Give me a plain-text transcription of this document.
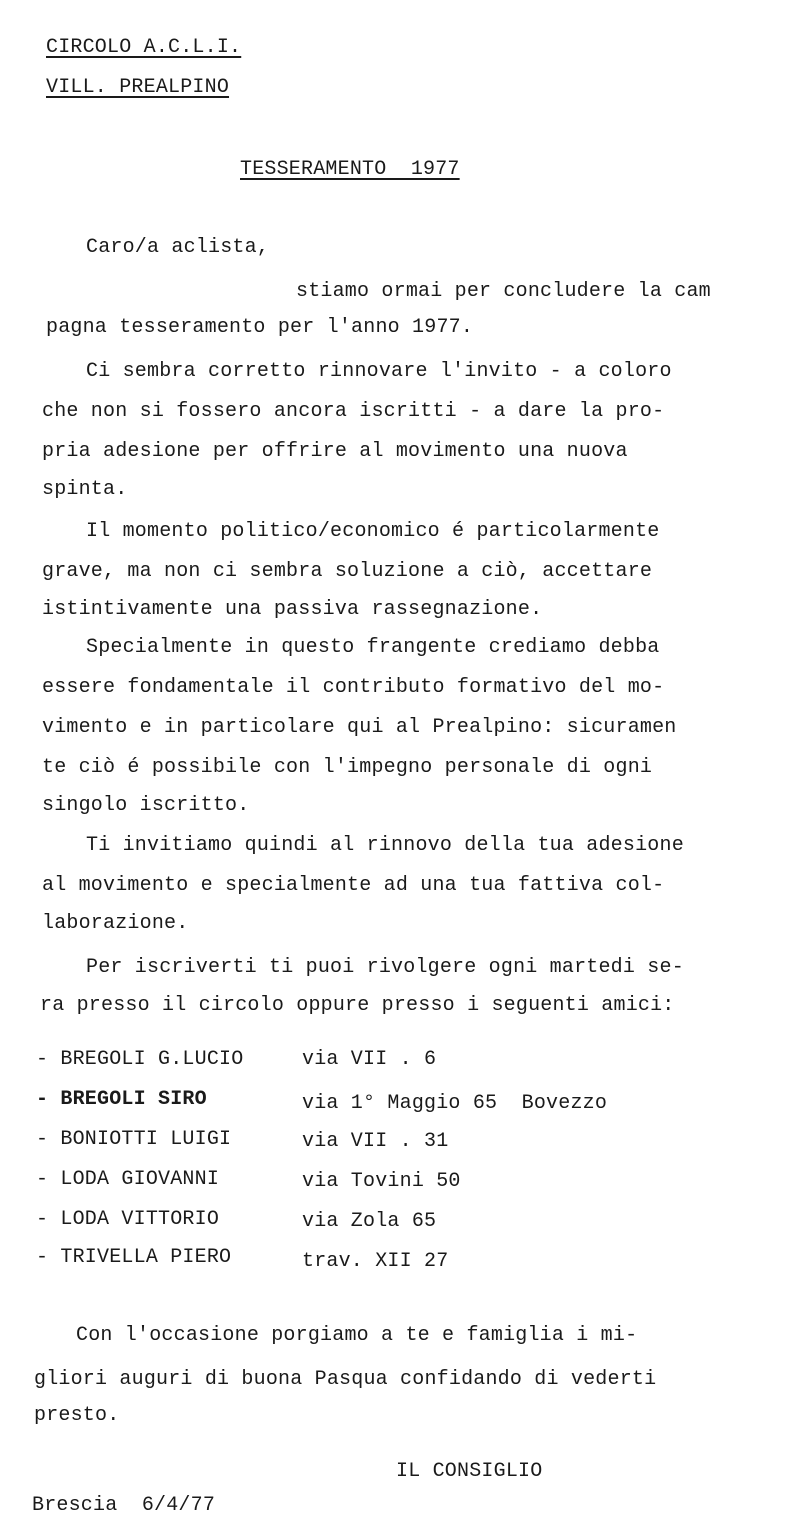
CIRCOLO A.C.L.I.
VILL. PREALPINO
TESSERAMENTO  1977
Caro/a aclista,
stiamo ormai per concludere la cam
pagna tesseramento per l'anno 1977.
Ci sembra corretto rinnovare l'invito - a coloro
che non si fossero ancora iscritti - a dare la pro-
pria adesione per offrire al movimento una nuova
spinta.
Il momento politico/economico é particolarmente
grave, ma non ci sembra soluzione a ciò, accettare
istintivamente una passiva rassegnazione.
Specialmente in questo frangente crediamo debba
essere fondamentale il contributo formativo del mo-
vimento e in particolare qui al Prealpino: sicuramen
te ciò é possibile con l'impegno personale di ogni
singolo iscritto.
Ti invitiamo quindi al rinnovo della tua adesione
al movimento e specialmente ad una tua fattiva col-
laborazione.
Per iscriverti ti puoi rivolgere ogni martedi se-
ra presso il circolo oppure presso i seguenti amici:
- BREGOLI G.LUCIO	via VII . 6
- BREGOLI SIRO	via 1° Maggio 65  Bovezzo
- BONIOTTI LUIGI	via VII . 31
- LODA GIOVANNI	via Tovini 50
- LODA VITTORIO	via Zola 65
- TRIVELLA PIERO	trav. XII 27
Con l'occasione porgiamo a te e famiglia i mi-
gliori auguri di buona Pasqua confidando di vederti
presto.
IL CONSIGLIO
Brescia  6/4/77
